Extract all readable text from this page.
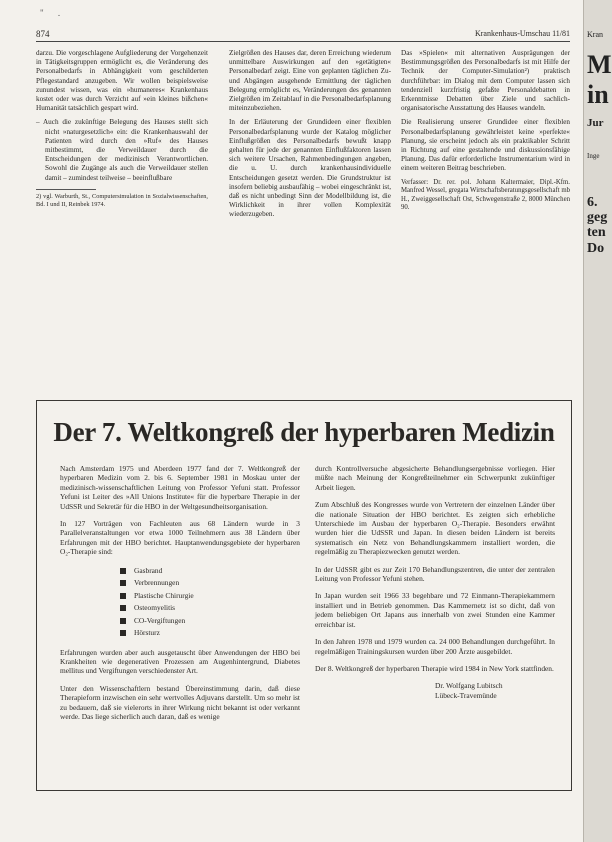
" .
874	Krankenhaus-Umschau 11/81

darzu. Die vorgeschlagene Aufgliederung der Vorgehenzeit in Tätigkeitsgruppen ermöglicht es, die Veränderung des Personalbedarfs in Abhängigkeit vom geschilderten Pflegestandard anzugeben. Wir wollen beispielsweise zunundest wissen, was ein »humaneres« Krankenhaus kostet oder was durch Verzicht auf »ein kleines bißchen« Humanität tatsächlich gespart wird.

– Auch die zukünftige Belegung des Hauses stellt sich nicht »naturgesetzlich« ein: die Krankenhauswahl der Patienten wird durch den »Ruf« des Hauses mitbestimmt, die Verweildauer durch die Entscheidungen der medizinisch Verantwortlichen. Sowohl die Zugänge als auch die Verweildauer stellen damit – zumindest teilweise – beeinflußbare

2) vgl. Warburth, St., Computersimulation in Sozialwissenschaften, Bd. I und II, Reinbek 1974.

Zielgrößen des Hauses dar, deren Erreichung wiederum unmittelbare Auswirkungen auf den »getätigten« Personalbedarf zeigt. Eine von geplanten täglichen Zu- und Abgängen ausgehende Ermittlung der täglichen Belegung ermöglicht es, Veränderungen des genannten Zielgrößen im Zeitablauf in die Personalbedarfsplanung miteinzubeziehen.

In der Erläuterung der Grundideen einer flexiblen Personalbedarfsplanung wurde der Katalog möglicher Einflußgrößen des Personalbedarfs bewußt knapp gehalten für jede der genannten Einflußfaktoren lassen sich weitere Ursachen, Rahmenbedingungen angeben, die u. U. durch krankenhausindividuelle Entscheidungen gesetzt werden. Die Grundstruktur ist insofern beliebig ausbaufähig – wobei eingeschränkt ist, daß es nicht unbedingt Sinn der Modellbildung ist, die Wirklichkeit in ihrer vollen Komplexität wiederzugeben.

Das »Spielen« mit alternativen Ausprägungen der Bestimmungsgrößen des Personalbedarfs ist mit Hilfe der Technik der Computer-Simulation²) praktisch durchführbar: im Dialog mit dem Computer lassen sich tendenziell kurzfristig gefaßte Personaldebatten in Erkenntnisse Debatten über Ziele und sachlich-organisatorische Ausstattung des Hauses wandeln.

Die Realisierung unserer Grundidee einer flexiblen Personalbedarfsplanung gewährleistet keine »perfekte« Planung, sie erscheint jedoch als ein praktikabler Schritt in Richtung auf eine gestaltende und diskussionsfähige Planung. Das dafür erforderliche Instrumentarium wird in einem weiteren Beitrag beschrieben.

Verfasser: Dr. rer. pol. Johann Kaltermaier, Dipl.-Kfm. Manfred Wessel, gregata Wirtschaftsberatungsgesellschaft mb H., Zweiggesellschaft Ost, Schwegenstraße 2, 8000 München 90.

Der 7. Weltkongreß der hyperbaren Medizin

Nach Amsterdam 1975 und Aberdeen 1977 fand der 7. Weltkongreß der hyperbaren Medizin vom 2. bis 6. September 1981 in Moskau unter der medizinisch-wissenschaftlichen Leitung von Professor Yefuni statt. Professor Yefuni ist Leiter des »All Unions Institute« für die hyperbare Therapie in der UdSSR und Sekretär für die HBO in der Weltgesundheitsorganisation.

In 127 Vorträgen von Fachleuten aus 68 Ländern wurde in 3 Parallelveranstaltungen vor etwa 1000 Teilnehmern aus 38 Ländern über Erfahrungen mit der HBO berichtet. Hauptanwendungsgebiete der hyperbaren O₂-Therapie sind:

Gasbrand
Verbrennungen
Plastische Chirurgie
Osteomyelitis
CO-Vergiftungen
Hörsturz

Erfahrungen wurden aber auch ausgetauscht über Anwendungen der HBO bei Krankheiten wie degenerativen Prozessen am Augenhintergrund, Diabetes mellitus und Vergiftungen verschiedenster Art.

Unter den Wissenschaftlern bestand Übereinstimmung darin, daß diese Therapieform inzwischen ein sehr wertvolles Adjuvans darstellt. Um so mehr ist zu bedauern, daß sie vielerorts in ihrer Wirkung nicht bekannt ist oder verkannt werde. Das liege sicherlich auch daran, daß es wenige

durch Kontrollversuche abgesicherte Behandlungsergebnisse vorliegen. Hier müßte nach Meinung der Kongreßteilnehmer ein Schwerpunkt zukünftiger Arbeit liegen.

Zum Abschluß des Kongresses wurde von Vertretern der einzelnen Länder über die nationale Situation der HBO berichtet. Es zeigten sich erhebliche Unterschiede im Ausbau der hyperbaren O₂-Therapie. Besonders erwähnt wurden hier die UdSSR und Japan. In diesen beiden Ländern ist bereits systematisch ein Netz von Behandlungskammern installiert worden, die regelmäßig zu Therapiezwecken genutzt werden.

In der UdSSR gibt es zur Zeit 170 Behandlungszentren, die unter der zentralen Leitung von Professor Yefuni stehen.

In Japan wurden seit 1966 33 begehbare und 72 Einmann-Therapiekammern installiert und in Betrieb genommen. Das Kammernetz ist so dicht, daß von jedem beliebigen Ort Japans aus innerhalb von zwei Stunden eine Kammer erreichbar ist.

In den Jahren 1978 und 1979 wurden ca. 24 000 Behandlungen durchgeführt. In regelmäßigen Trainingskursen wurden über 200 Ärzte ausgebildet.

Der 8. Weltkongreß der hyperbaren Therapie wird 1984 in New York stattfinden.

Dr. Wolfgang Lubitsch
Lübeck-Travemünde
Kran
M
in
Jur
Inge
6.
geg
ten
Do
